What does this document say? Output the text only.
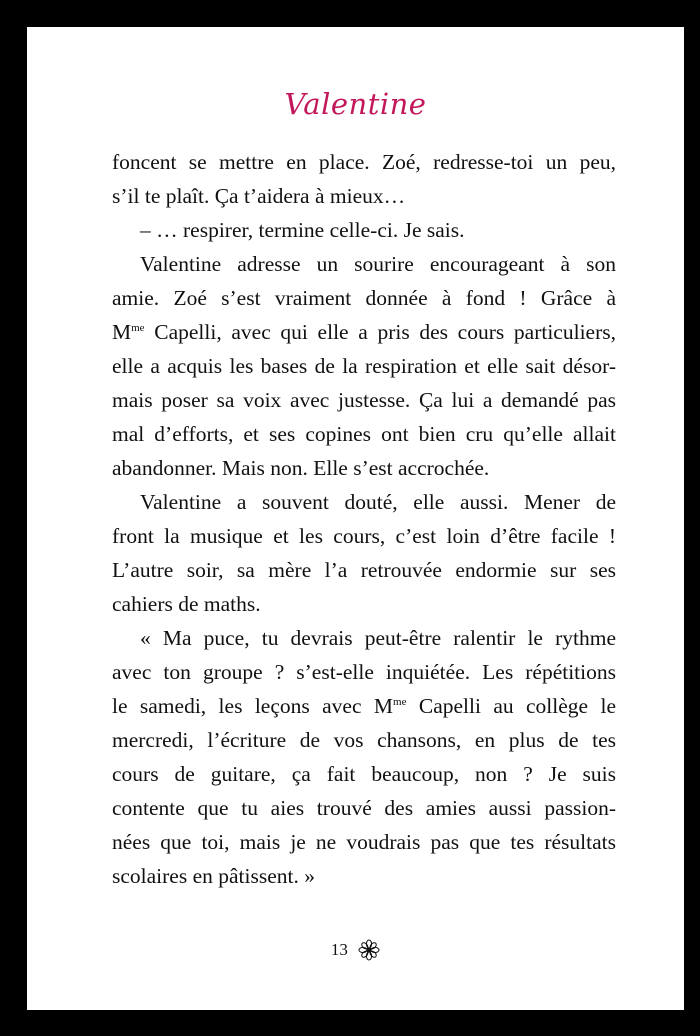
Valentine

foncent se mettre en place. Zoé, redresse-toi un peu,
s’il te plaît. Ça t’aidera à mieux…

– … respirer, termine celle-ci. Je sais.

Valentine adresse un sourire encourageant à son
amie. Zoé s’est vraiment donnée à fond ! Grâce à
$M^{me}$ Capelli, avec qui elle a pris des cours particuliers,
elle a acquis les bases de la respiration et elle sait désor-
mais poser sa voix avec justesse. Ça lui a demandé pas
mal d’efforts, et ses copines ont bien cru qu’elle allait
abandonner. Mais non. Elle s’est accrochée.

Valentine a souvent douté, elle aussi. Mener de
front la musique et les cours, c’est loin d’être facile !
L’autre soir, sa mère l’a retrouvée endormie sur ses
cahiers de maths.

« Ma puce, tu devrais peut-être ralentir le rythme
avec ton groupe ? s’est-elle inquiétée. Les répétitions
le samedi, les leçons avec $M^{me}$ Capelli au collège le
mercredi, l’écriture de vos chansons, en plus de tes
cours de guitare, ça fait beaucoup, non ? Je suis
contente que tu aies trouvé des amies aussi passion-
nées que toi, mais je ne voudrais pas que tes résultats
scolaires en pâtissent. »

13
